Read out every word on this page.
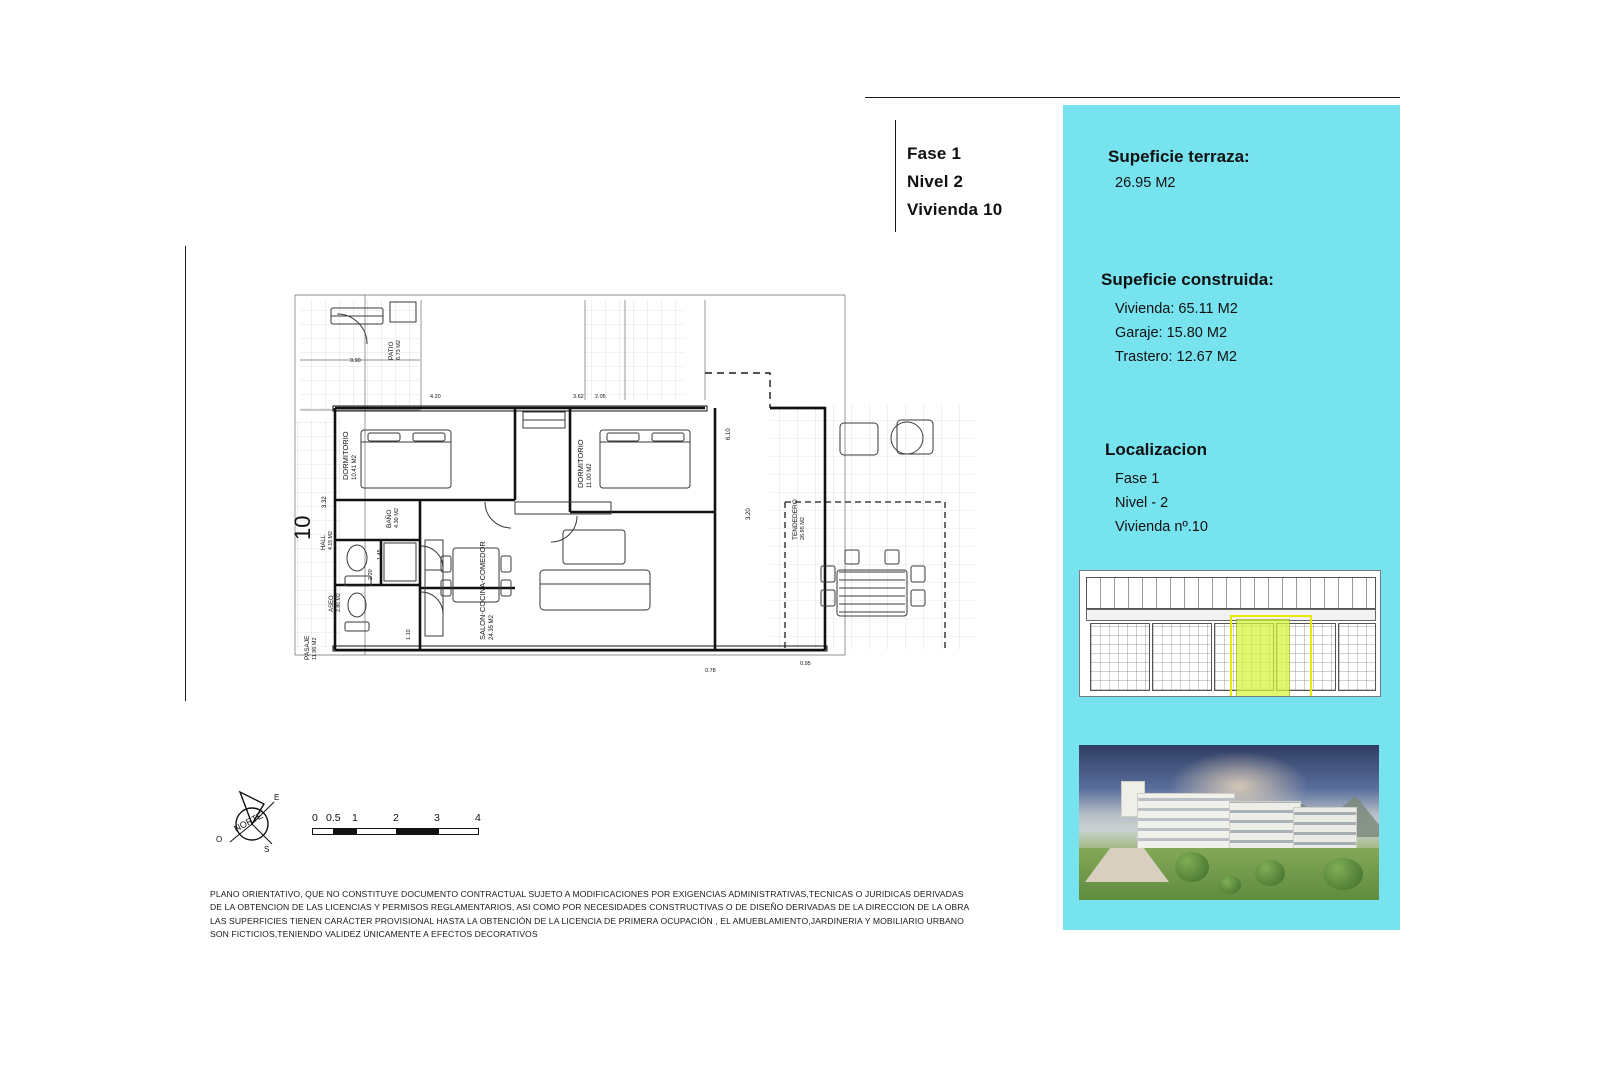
Fase 1
Nivel 2
Vivienda 10
Supeficie terraza:
26.95 M2
Supeficie construida:
Vivienda: 65.11 M2
Garaje: 15.80 M2
Trastero: 12.67 M2
Localizacion
Fase 1
Nivel - 2
Vivienda nº.10
DORMITORIO 10.41 M2	DORMITORIO 11.00 M2
SALON-COCINA-COMEDOR 24.35 M2
BAÑO 4.30 M2
ASEO 2.86 M2
HALL 4.15 M2
TENDEDERO 26.95 M2
PASAJE 11.96 M2
PATIO 6.73 M2
3.32
3.20
6.10
2.20
1.45
1.10
0.95
0.78
3.62 2.05
4.20
0.90
10
NORTE
O
E
S
0 0.5 1	2	3	4
PLANO ORIENTATIVO, QUE NO CONSTITUYE DOCUMENTO CONTRACTUAL SUJETO A MODIFICACIONES POR EXIGENCIAS ADMINISTRATIVAS,TECNICAS O JURIDICAS DERIVADAS
DE LA OBTENCION DE LAS LICENCIAS Y PERMISOS REGLAMENTARIOS, ASI COMO POR NECESIDADES CONSTRUCTIVAS O DE DISEÑO DERIVADAS DE LA DIRECCION DE LA OBRA
LAS SUPERFICIES TIENEN CARÁCTER PROVISIONAL HASTA LA OBTENCIÓN DE LA LICENCIA DE PRIMERA OCUPACIÓN , EL AMUEBLAMIENTO,JARDINERIA Y MOBILIARIO URBANO
SON FICTICIOS,TENIENDO VALIDEZ ÚNICAMENTE A EFECTOS DECORATIVOS
